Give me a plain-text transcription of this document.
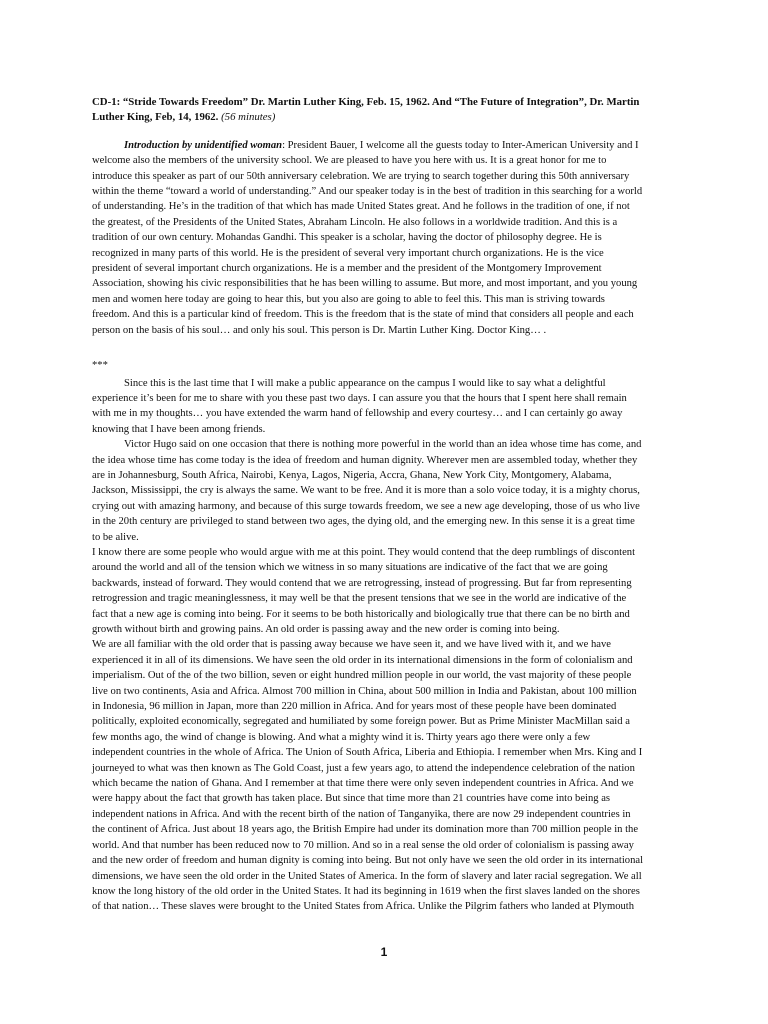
CD-1: “Stride Towards Freedom” Dr. Martin Luther King, Feb. 15, 1962. And “The Future of Integration”, Dr. Martin Luther King, Feb, 14, 1962. (56 minutes)

Introduction by unidentified woman: President Bauer, I welcome all the guests today to Inter-American University and I welcome also the members of the university school. We are pleased to have you here with us. It is a great honor for me to introduce this speaker as part of our 50th anniversary celebration. We are trying to search together during this 50th anniversary within the theme “toward a world of understanding.” And our speaker today is in the best of tradition in this searching for a world of understanding. He’s in the tradition of that which has made United States great. And he follows in the tradition of one, if not the greatest, of the Presidents of the United States, Abraham Lincoln. He also follows in a worldwide tradition. And this is a tradition of our own century. Mohandas Gandhi. This speaker is a scholar, having the doctor of philosophy degree. He is recognized in many parts of this world. He is the president of several very important church organizations. He is the vice president of several important church organizations. He is a member and the president of the Montgomery Improvement Association, showing his civic responsibilities that he has been willing to assume. But more, and most important, and you young men and women here today are going to hear this, but you also are going to able to feel this. This man is striving towards freedom. And this is a particular kind of freedom. This is the freedom that is the state of mind that considers all people and each person on the basis of his soul… and only his soul. This person is Dr. Martin Luther King. Doctor King… .

***

Since this is the last time that I will make a public appearance on the campus I would like to say what a delightful experience it’s been for me to share with you these past two days. I can assure you that the hours that I spent here shall remain with me in my thoughts… you have extended the warm hand of fellowship and every courtesy… and I can certainly go away knowing that I have been among friends.

Victor Hugo said on one occasion that there is nothing more powerful in the world than an idea whose time has come, and the idea whose time has come today is the idea of freedom and human dignity. Wherever men are assembled today, whether they are in Johannesburg, South Africa, Nairobi, Kenya, Lagos, Nigeria, Accra, Ghana, New York City, Montgomery, Alabama, Jackson, Mississippi, the cry is always the same. We want to be free. And it is more than a solo voice today, it is a mighty chorus, crying out with amazing harmony, and because of this surge towards freedom, we see a new age developing, those of us who live in the 20th century are privileged to stand between two ages, the dying old, and the emerging new. In this sense it is a great time to be alive.

I know there are some people who would argue with me at this point. They would contend that the deep rumblings of discontent around the world and all of the tension which we witness in so many situations are indicative of the fact that we are going backwards, instead of forward. They would contend that we are retrogressing, instead of progressing. But far from representing retrogression and tragic meaninglessness, it may well be that the present tensions that we see in the world are indicative of the fact that a new age is coming into being. For it seems to be both historically and biologically true that there can be no birth and growth without birth and growing pains. An old order is passing away and the new order is coming into being.

We are all familiar with the old order that is passing away because we have seen it, and we have lived with it, and we have experienced it in all of its dimensions. We have seen the old order in its international dimensions in the form of colonialism and imperialism. Out of the of the two billion, seven or eight hundred million people in our world, the vast majority of these people live on two continents, Asia and Africa. Almost 700 million in China, about 500 million in India and Pakistan, about 100 million in Indonesia, 96 million in Japan, more than 220 million in Africa. And for years most of these people have been dominated politically, exploited economically, segregated and humiliated by some foreign power. But as Prime Minister MacMillan said a few months ago, the wind of change is blowing. And what a mighty wind it is. Thirty years ago there were only a few independent countries in the whole of Africa. The Union of South Africa, Liberia and Ethiopia. I remember when Mrs. King and I journeyed to what was then known as The Gold Coast, just a few years ago, to attend the independence celebration of the nation which became the nation of Ghana. And I remember at that time there were only seven independent countries in Africa. And we were happy about the fact that growth has taken place. But since that time more than 21 countries have come into being as independent nations in Africa. And with the recent birth of the nation of Tanganyika, there are now 29 independent countries in the continent of Africa. Just about 18 years ago, the British Empire had under its domination more than 700 million people in the world. And that number has been reduced now to 70 million. And so in a real sense the old order of colonialism is passing away and the new order of freedom and human dignity is coming into being. But not only have we seen the old order in its international dimensions, we have seen the old order in the United States of America. In the form of slavery and later racial segregation. We all know the long history of the old order in the United States. It had its beginning in 1619 when the first slaves landed on the shores of that nation… These slaves were brought to the United States from Africa. Unlike the Pilgrim fathers who landed at Plymouth

1
